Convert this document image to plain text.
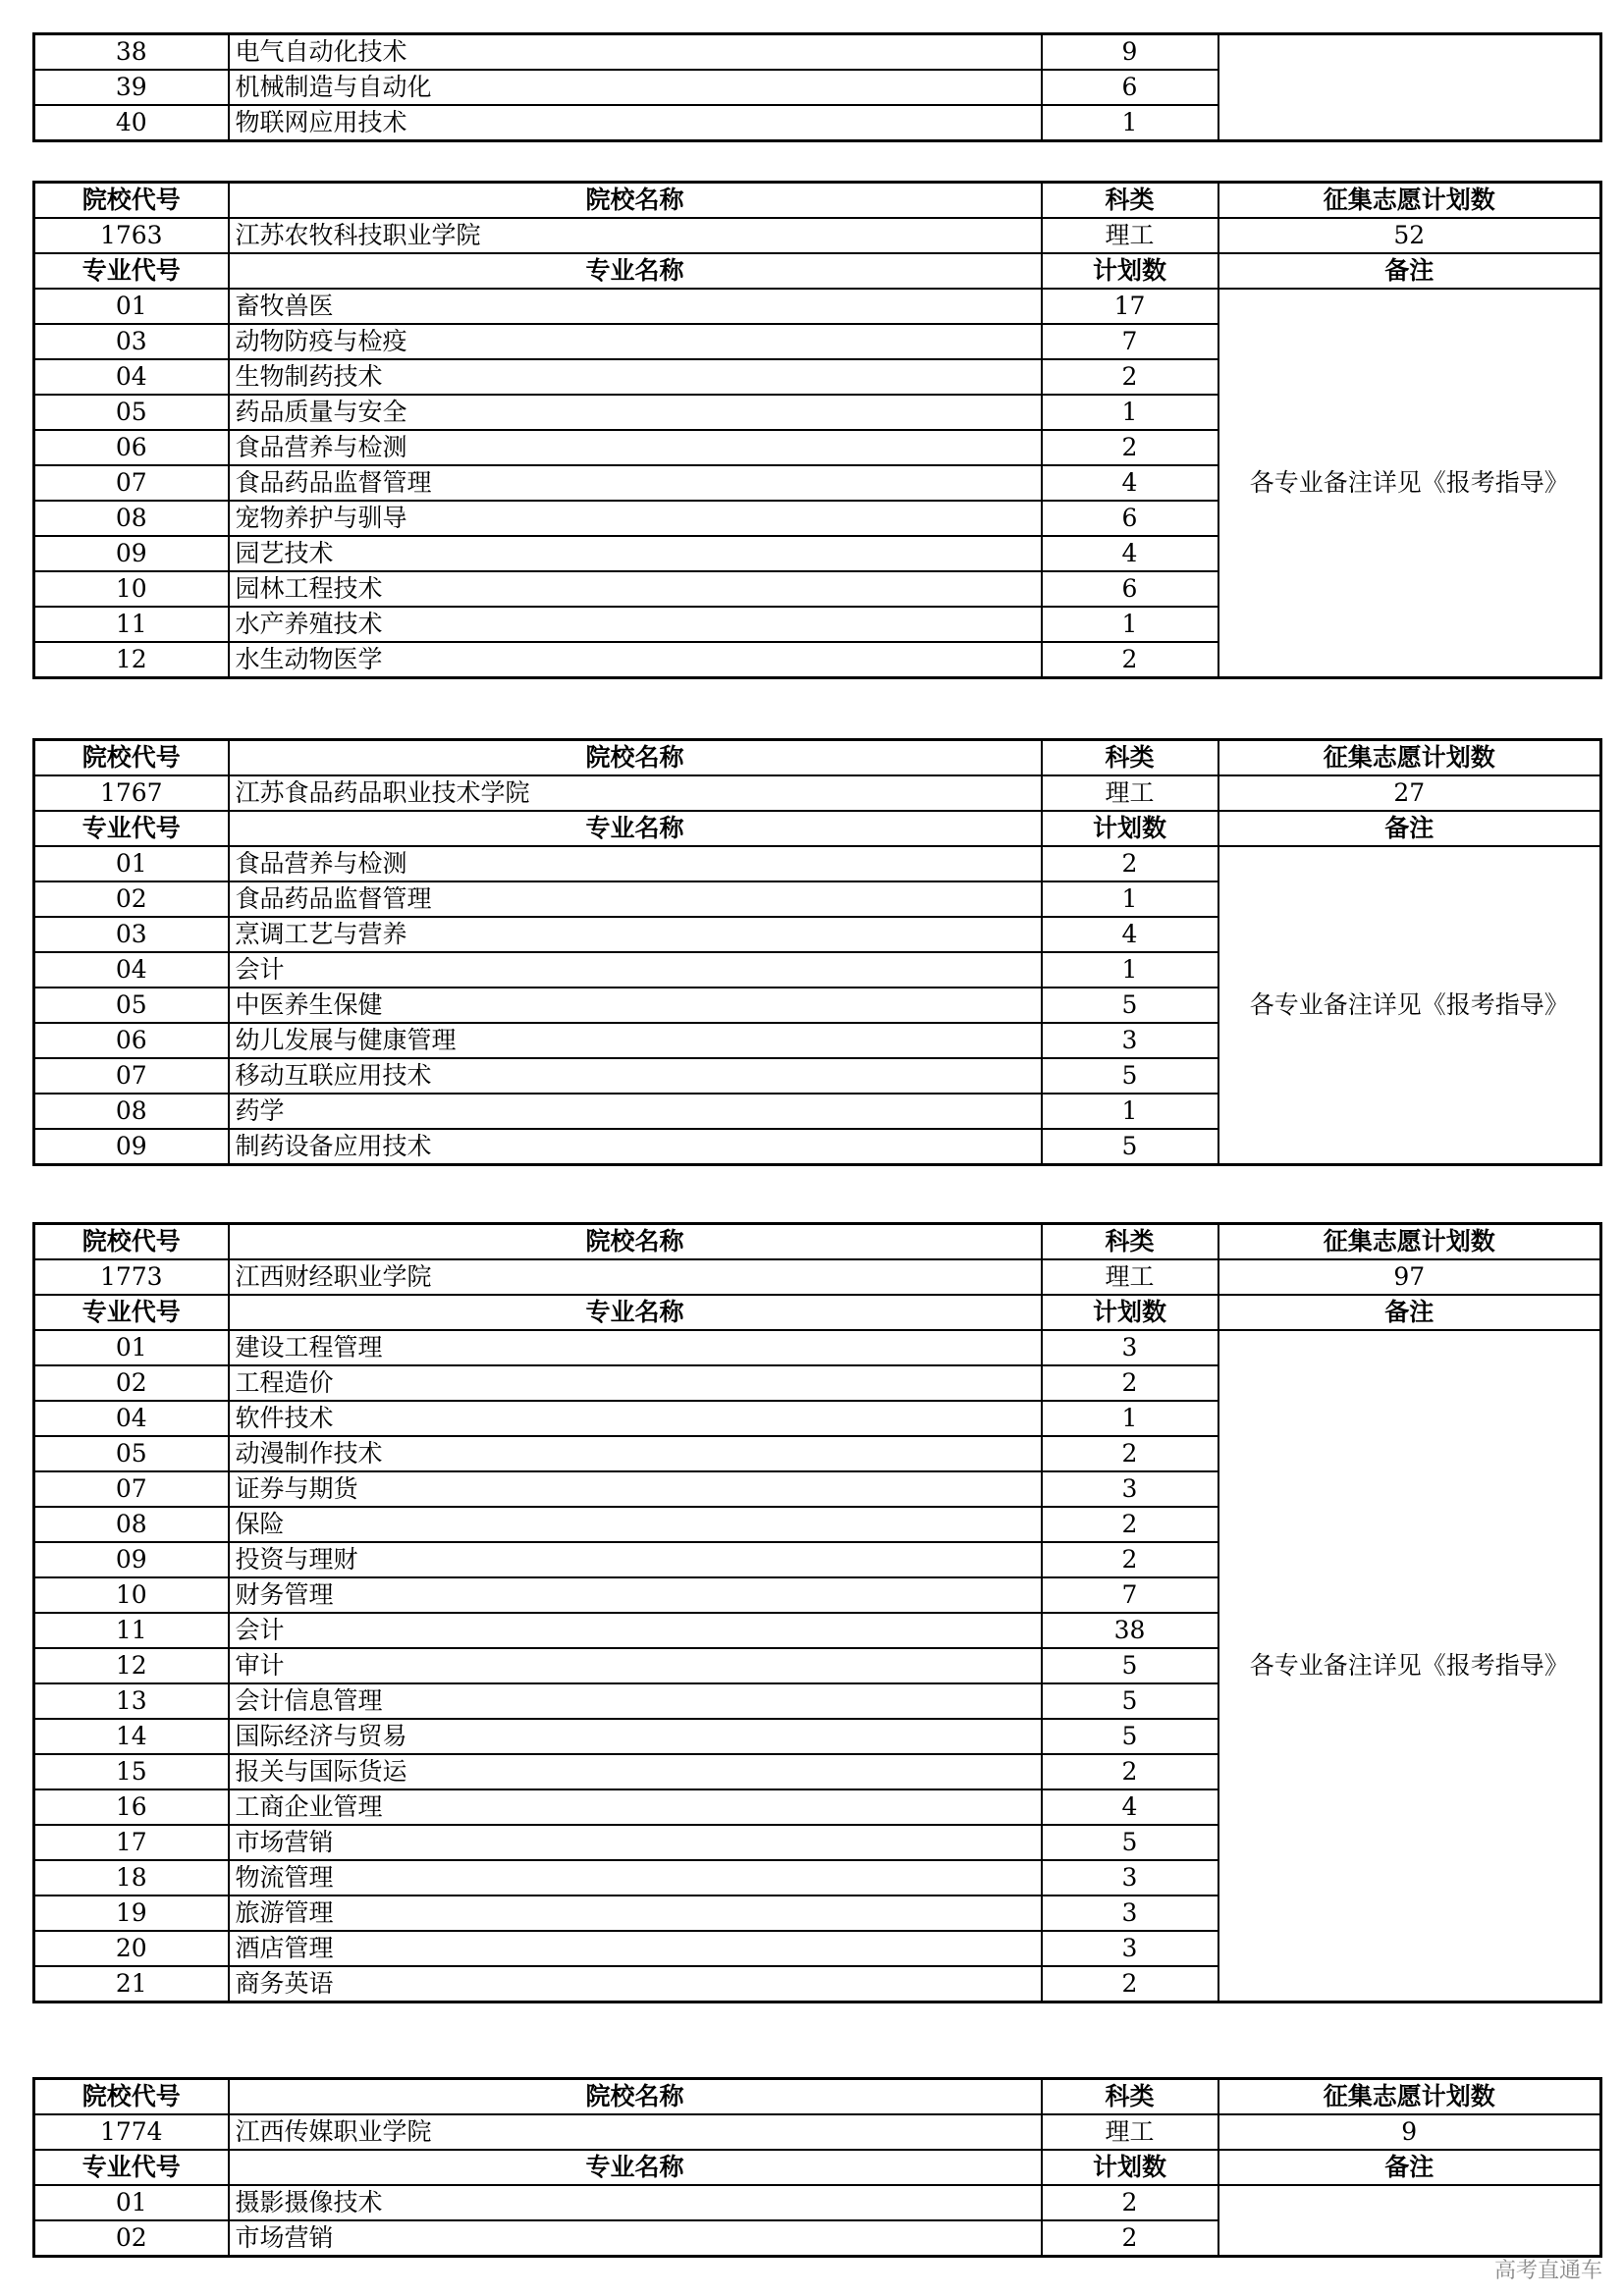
38	电气自动化技术	9	
39	机械制造与自动化	6	
40	物联网应用技术	1	
院校代号	院校名称	科类	征集志愿计划数
1763	江苏农牧科技职业学院	理工	52
专业代号	专业名称	计划数	备注
01	畜牧兽医	17	各专业备注详见《报考指导》
03	动物防疫与检疫	7	
04	生物制药技术	2	
05	药品质量与安全	1	
06	食品营养与检测	2	
07	食品药品监督管理	4	
08	宠物养护与驯导	6	
09	园艺技术	4	
10	园林工程技术	6	
11	水产养殖技术	1	
12	水生动物医学	2	
院校代号	院校名称	科类	征集志愿计划数
1767	江苏食品药品职业技术学院	理工	27
专业代号	专业名称	计划数	备注
01	食品营养与检测	2	各专业备注详见《报考指导》
02	食品药品监督管理	1	
03	烹调工艺与营养	4	
04	会计	1	
05	中医养生保健	5	
06	幼儿发展与健康管理	3	
07	移动互联应用技术	5	
08	药学	1	
09	制药设备应用技术	5	
院校代号	院校名称	科类	征集志愿计划数
1773	江西财经职业学院	理工	97
专业代号	专业名称	计划数	备注
01	建设工程管理	3	各专业备注详见《报考指导》
02	工程造价	2	
04	软件技术	1	
05	动漫制作技术	2	
07	证券与期货	3	
08	保险	2	
09	投资与理财	2	
10	财务管理	7	
11	会计	38	
12	审计	5	
13	会计信息管理	5	
14	国际经济与贸易	5	
15	报关与国际货运	2	
16	工商企业管理	4	
17	市场营销	5	
18	物流管理	3	
19	旅游管理	3	
20	酒店管理	3	
21	商务英语	2	
院校代号	院校名称	科类	征集志愿计划数
1774	江西传媒职业学院	理工	9
专业代号	专业名称	计划数	备注
01	摄影摄像技术	2	
02	市场营销	2	
高考直通车
